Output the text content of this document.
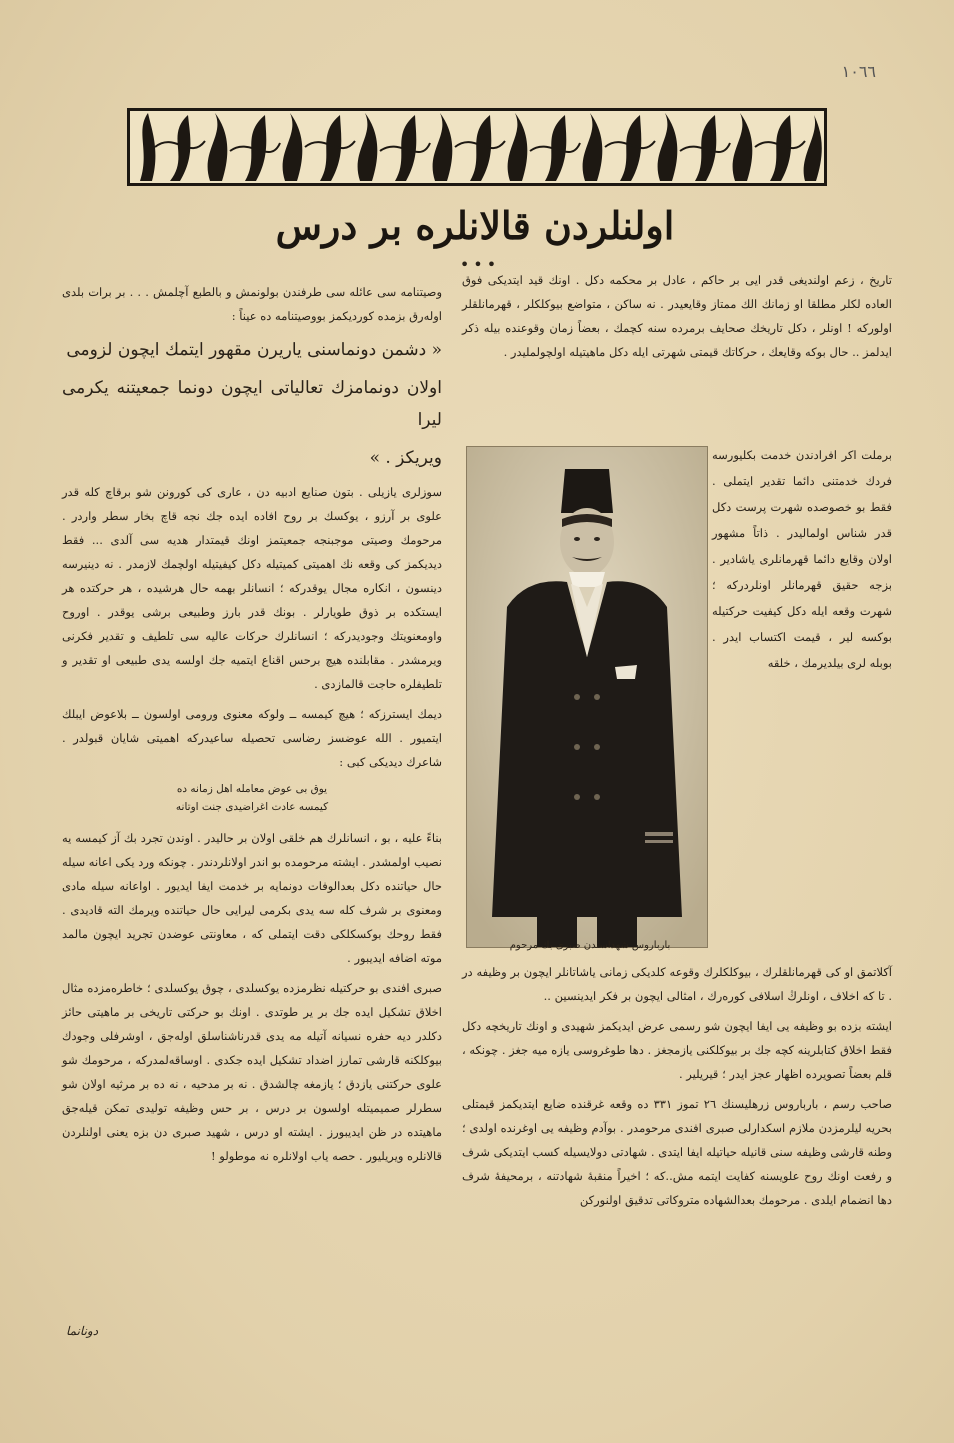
١٠٦٦
اولنلردن قالانلره بر درس
•••

تاریخ ، زعم اولندیغی قدر ایی بر حاکم ، عادل بر محکمه دکل . اونك قید ایتدیکی فوق العاده لکلر مطلقا او زمانك الك ممتاز وقایعیدر . نه ساکن ، متواضع بیوکلکلر ، قهرمانلقلر اولورکه ! اونلر ، دکل تاریخك صحایف برمرده سنه کچمك ، بعضاً زمان وقوعنده بیله ذکر ایدلمز .. حال بوکه وقایعك ، حرکاتك قیمتی شهرتی ایله دکل ماهیتیله اولچولملیدر .

بارباروس شهداسندن صبری بك مرحوم

برملت اکر افرادندن خدمت بکلیورسه فردك خدمتنی دائما تقدیر ایتملی . فقط بو خصوصده شهرت پرست دکل قدر شناس اولمالیدر . ذاتاً مشهور اولان وقایع دائما قهرمانلری یاشادیر . بزجه حقیق قهرمانلر اونلردرکه ؛ شهرت وقعه ایله دکل کیفیت حرکتیله بوکسه لیر ، قیمت اکتساب ایدر . بوبله لری بیلدیرمك ، خلقه

آکلاتمق او کی قهرمانلقلرك ، بیوکلکلرك وقوعه کلدیکی زمانی یاشاتانلر ایچون بر وظیفه در . تا که اخلاف ، اونلرڭ اسلافی کورەرك ، امثالی ایچون بر فکر ایدینسین ..

ایشته بزده بو وظیفه یی ایفا ایچون شو رسمی عرض ایدیکمز شهیدی و اونك تاریخچه دکل فقط اخلاق کتابلرینه کچه جك بر بیوکلکنی یازمجغز . دها طوغروسی یازه میه جغز . چونکه ، قلم بعضاً تصویرده اظهار عجز ایدر ؛ قیریلیر .

صاحب رسم ، بارباروس زرهلیسنك ٢٦ تموز ٣٣١ ده وقعه غرقنده ضایع ایتدیکمز قیمتلی بحریه لیلرمزدن ملازم اسکدارلی صبری افندی مرحومدر . بوآدم وظیفه یی اوغرنده اولدی ؛ وطنه قارشی وظیفه سنی قانیله حیاتیله ایفا ایتدی . شهادتی دولایسیله کسب ایتدیکی شرف و رفعت اونك روح علویسنه کفایت ایتمه مش..که ؛ اخیراً منقبهٔ شهادتنه ، برمحیفهٔ شرف دها انضمام ایلدی . مرحومك بعدالشهاده متروکاتی تدقیق اولنورکن

وصیتنامه سی عائله سی طرفندن بولونمش و بالطبع آچلمش . . . بر برات بلدی اولەرق بزمده کوردیکمز بووصیتنامه ده عیناً :

« دشمن دونماسنی یاریرن مقهور ایتمك ایچون لزومی

اولان دونمامزك تعالیاتی ایچون دونما جمعیتنه یکرمی لیرا

ویریکز . »

سوزلری یازیلی . بتون صنایع ادبیه دن ، عاری کی کورونن شو برقاچ کله قدر علوی بر آرزو ، یوکسك بر روح افاده ایده جك نجه قاچ بخار سطر واردر . مرحومك وصیتی موجبنجه جمعیتمز اونك قیمتدار هدیه سی آلدی ... فقط دیدیکمز کی وقعه نك اهمیتی کمیتیله دکل کیفیتیله اولچمك لازمدر . نه دینیرسه دینسون ، انکاره مجال یوقدرکه ؛ انسانلر بهمه حال هرشیده ، هر حرکتده هر ایستکده بر ذوق طویارلر . بونك قدر بارز وطبیعی برشی یوقدر . اوروح واومعنویتك وجودیدرکه ؛ انسانلرك حرکات عالیه سی تلطیف و تقدیر فکرنی ویرمشدر . مقابلنده هیچ برحس اقناع ایتمیه جك اولسه یدی طبیعی او تقدیر و تلطیفلره حاجت قالمازدی .

دیمك ایسترزکه ؛ هیچ کیمسه ــ ولوکه معنوی ورومی اولسون ــ بلاعوض ایبلك ایتمیور . الله عوضسز رضاسی تحصیله ساعیدرکه اهمیتی شایان قبولدر . شاعرك دیدیکی کبی :

یوق بی عوض معامله اهل زمانه ده
کیمسه عادت اغراضیدی جنت اوتانه

بناءً علیه ، بو ، انسانلرك هم خلقی اولان بر حالیدر . اوندن تجرد بك آز کیمسه یه نصیب اولمشدر . ایشته مرحومده بو اندر اولانلردندر . چونکه ورد یکی اعانه سیله حال حیاتنده دکل بعدالوفات دونمایه بر خدمت ایفا ایدیور . اواعانه سیله مادی ومعنوی بر شرف کله سه یدی بکرمی لیرایی حال حیاتنده ویرمك التە قادیدی . فقط روحك بوکسکلکی دقت ایتملی که ، معاونتی عوضدن تجرید ایچون مالمد موته اضافه ایدیبور .

صبری افندی بو حرکتیله نظرمزده یوکسلدی ، چوق یوکسلدی ؛ خاطرەمزده مثال اخلاق تشکیل ایده جك بر یر طوتدی . اونك بو حرکتی تاریخی بر ماهیتی حائز دکلدر دیه حفره نسیانه آتیله مه یدی قدرناشناسلق اولەجق ، اوشرفلی وجودك بیوکلکنه قارشی تمارز اضداد تشکیل ایده جکدی . اوساقەلمدرکه ، مرحومك شو علوی حرکتنی یازدق ؛ یازمغه چالشدق . نه بر مدحیه ، نه ده بر مرثیه اولان شو سطرلر صمیمیتله اولسون بر درس ، بر حس وظیفه تولیدی تمکن قیلەجق ماهیتده در ظن ایدیبورز . ایشته او درس ، شهید صبری دن بزه یعنی اولنلردن قالانلره ویریلیور . حصه یاب اولانلره نه موطولو !

دونانما
